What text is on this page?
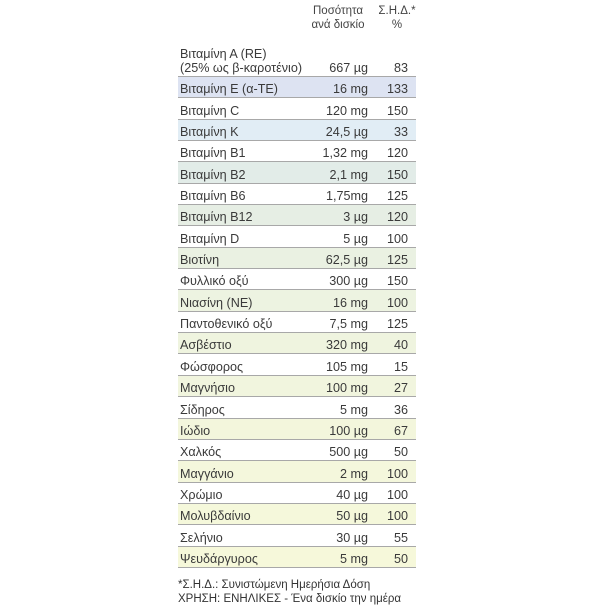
Ποσότητα
ανά δισκίο
Σ.Η.Δ.*
%
Βιταμίνη Α (RE)
(25% ως β-καροτένιο)	667 µg	83
Βιταμίνη Ε (α-ΤΕ)	16 mg	133
Βιταμίνη C	120 mg	150
Βιταμίνη Κ	24,5 µg	33
Βιταμίνη Β1	1,32 mg	120
Βιταμίνη Β2	2,1 mg	150
Βιταμίνη Β6	1,75mg	125
Βιταμίνη Β12	3 µg	120
Βιταμίνη D	5 µg	100
Βιοτίνη	62,5 µg	125
Φυλλικό οξύ	300 µg	150
Νιασίνη (ΝΕ)	16 mg	100
Παντοθενικό οξύ	7,5 mg	125
Ασβέστιο	320 mg	40
Φώσφορος	105 mg	15
Μαγνήσιο	100 mg	27
Σίδηρος	5 mg	36
Ιώδιο	100 µg	67
Χαλκός	500 µg	50
Μαγγάνιο	2 mg	100
Χρώμιο	40 µg	100
Μολυβδαίνιο	50 µg	100
Σελήνιο	30 µg	55
Ψευδάργυρος	5 mg	50
*Σ.Η.Δ.: Συνιστώμενη Ημερήσια Δόση
ΧΡΗΣΗ: ΕΝΗΛΙΚΕΣ - Ένα δισκίο την ημέρα
